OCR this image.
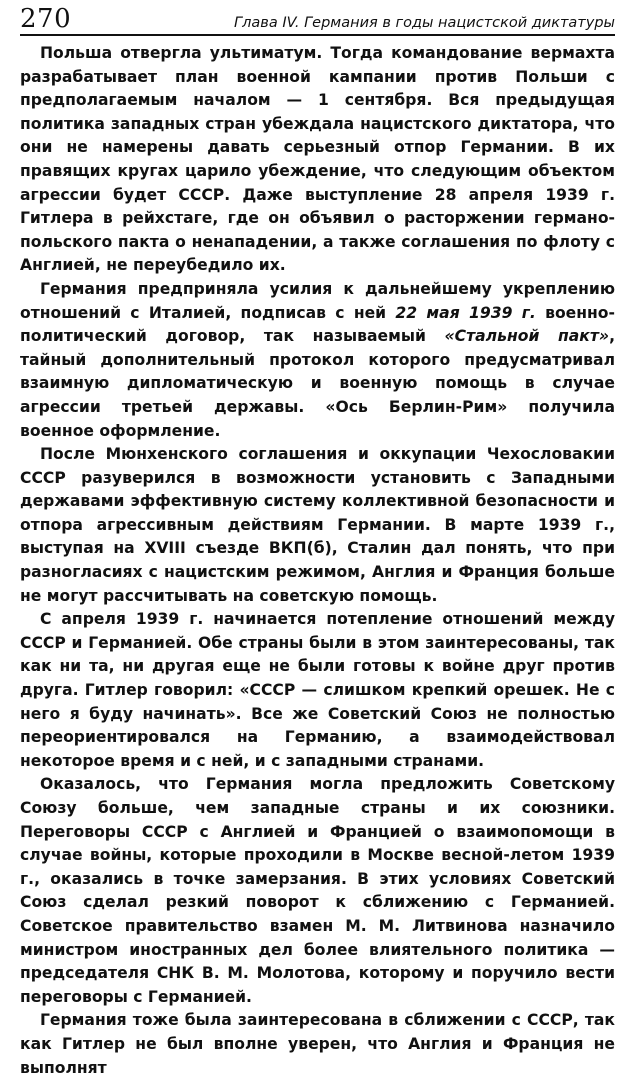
270	Глава IV. Германия в годы нацистской диктатуры

Польша отвергла ультиматум. Тогда командование вермахта разрабатывает план военной кампании против Польши с предполагаемым началом — 1 сентября. Вся предыдущая политика западных стран убеждала нацистского диктатора, что они не намерены давать серьезный отпор Германии. В их правящих кругах царило убеждение, что следующим объектом агрессии будет СССР. Даже выступление 28 апреля 1939 г. Гитлера в рейхстаге, где он объявил о расторжении германо-польского пакта о ненападении, а также соглашения по флоту с Англией, не переубедило их.

Германия предприняла усилия к дальнейшему укреплению отношений с Италией, подписав с ней 22 мая 1939 г. военно-политический договор, так называемый «Стальной пакт», тайный дополнительный протокол которого предусматривал взаимную дипломатическую и военную помощь в случае агрессии третьей державы. «Ось Берлин-Рим» получила военное оформление.

После Мюнхенского соглашения и оккупации Чехословакии СССР разуверился в возможности установить с Западными державами эффективную систему коллективной безопасности и отпора агрессивным действиям Германии. В марте 1939 г., выступая на XVIII съезде ВКП(б), Сталин дал понять, что при разногласиях с нацистским режимом, Англия и Франция больше не могут рассчитывать на советскую помощь.

С апреля 1939 г. начинается потепление отношений между СССР и Германией. Обе страны были в этом заинтересованы, так как ни та, ни другая еще не были готовы к войне друг против друга. Гитлер говорил: «СССР — слишком крепкий орешек. Не с него я буду начинать». Все же Советский Союз не полностью переориентировался на Германию, а взаимодействовал некоторое время и с ней, и с западными странами.

Оказалось, что Германия могла предложить Советскому Союзу больше, чем западные страны и их союзники. Переговоры СССР с Англией и Францией о взаимопомощи в случае войны, которые проходили в Москве весной-летом 1939 г., оказались в точке замерзания. В этих условиях Советский Союз сделал резкий поворот к сближению с Германией. Советское правительство взамен М. М. Литвинова назначило министром иностранных дел более влиятельного политика — председателя СНК В. М. Молотова, которому и поручило вести переговоры с Германией.

Германия тоже была заинтересована в сближении с СССР, так как Гитлер не был вполне уверен, что Англия и Франция не выполнят
